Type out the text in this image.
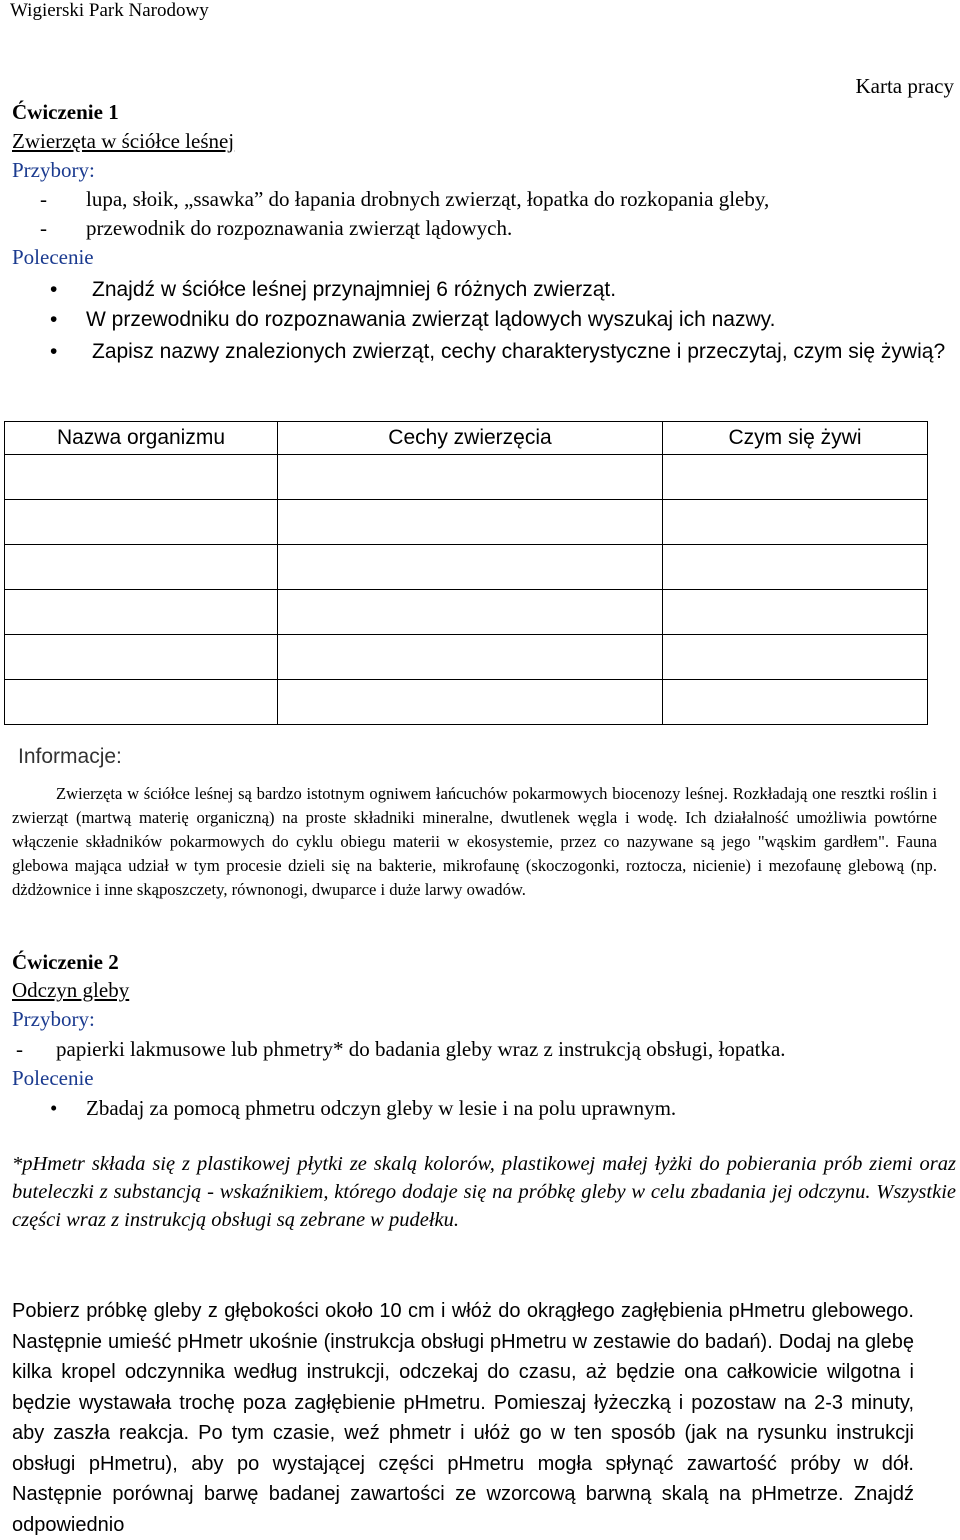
Wigierski Park Narodowy
Karta pracy
Ćwiczenie 1
Zwierzęta w ściółce leśnej
Przybory:
- lupa, słoik, „ssawka” do łapania drobnych zwierząt, łopatka do rozkopania gleby,
- przewodnik do rozpoznawania zwierząt lądowych.
Polecenie
• Znajdź w ściółce leśnej przynajmniej 6 różnych zwierząt.
• W przewodniku do rozpoznawania zwierząt lądowych wyszukaj ich nazwy.
• Zapisz nazwy znalezionych zwierząt, cechy charakterystyczne i przeczytaj, czym się żywią?
Nazwa organizmu	Cechy zwierzęcia	Czym się żywi

Informacje:

Zwierzęta w ściółce leśnej są bardzo istotnym ogniwem łańcuchów pokarmowych biocenozy leśnej. Rozkładają one resztki roślin i zwierząt (martwą materię organiczną) na proste składniki mineralne, dwutlenek węgla i wodę. Ich działalność umożliwia powtórne włączenie składników pokarmowych do cyklu obiegu materii w ekosystemie, przez co nazywane są jego "wąskim gardłem". Fauna glebowa mająca udział w tym procesie dzieli się na bakterie, mikrofaunę (skoczogonki, roztocza, nicienie) i mezofaunę glebową (np. dżdżownice i inne skąposzczety, równonogi, dwuparce i duże larwy owadów.

Ćwiczenie 2
Odczyn gleby
Przybory:
- papierki lakmusowe lub phmetry* do badania gleby wraz z instrukcją obsługi, łopatka.
Polecenie
• Zbadaj za pomocą phmetru odczyn gleby w lesie i na polu uprawnym.
*pHmetr składa się z plastikowej płytki ze skalą kolorów, plastikowej małej łyżki do pobierania prób ziemi oraz buteleczki z substancją - wskaźnikiem, którego dodaje się na próbkę gleby w celu zbadania jej odczynu. Wszystkie części wraz z instrukcją obsługi są zebrane w pudełku.
Pobierz próbkę gleby z głębokości około 10 cm i włóż do okrągłego zagłębienia pHmetru glebowego. Następnie umieść pHmetr ukośnie (instrukcja obsługi pHmetru w zestawie do badań). Dodaj na glebę kilka kropel odczynnika według instrukcji, odczekaj do czasu, aż będzie ona całkowicie wilgotna i będzie wystawała trochę poza zagłębienie pHmetru. Pomieszaj łyżeczką i pozostaw na 2-3 minuty, aby zaszła reakcja. Po tym czasie, weź phmetr i ułóż go w ten sposób (jak na rysunku instrukcji obsługi pHmetru), aby po wystającej części pHmetru mogła spłynąć zawartość próby w dół. Następnie porównaj barwę badanej zawartości ze wzorcową barwną skalą na pHmetrze. Znajdź odpowiednio
